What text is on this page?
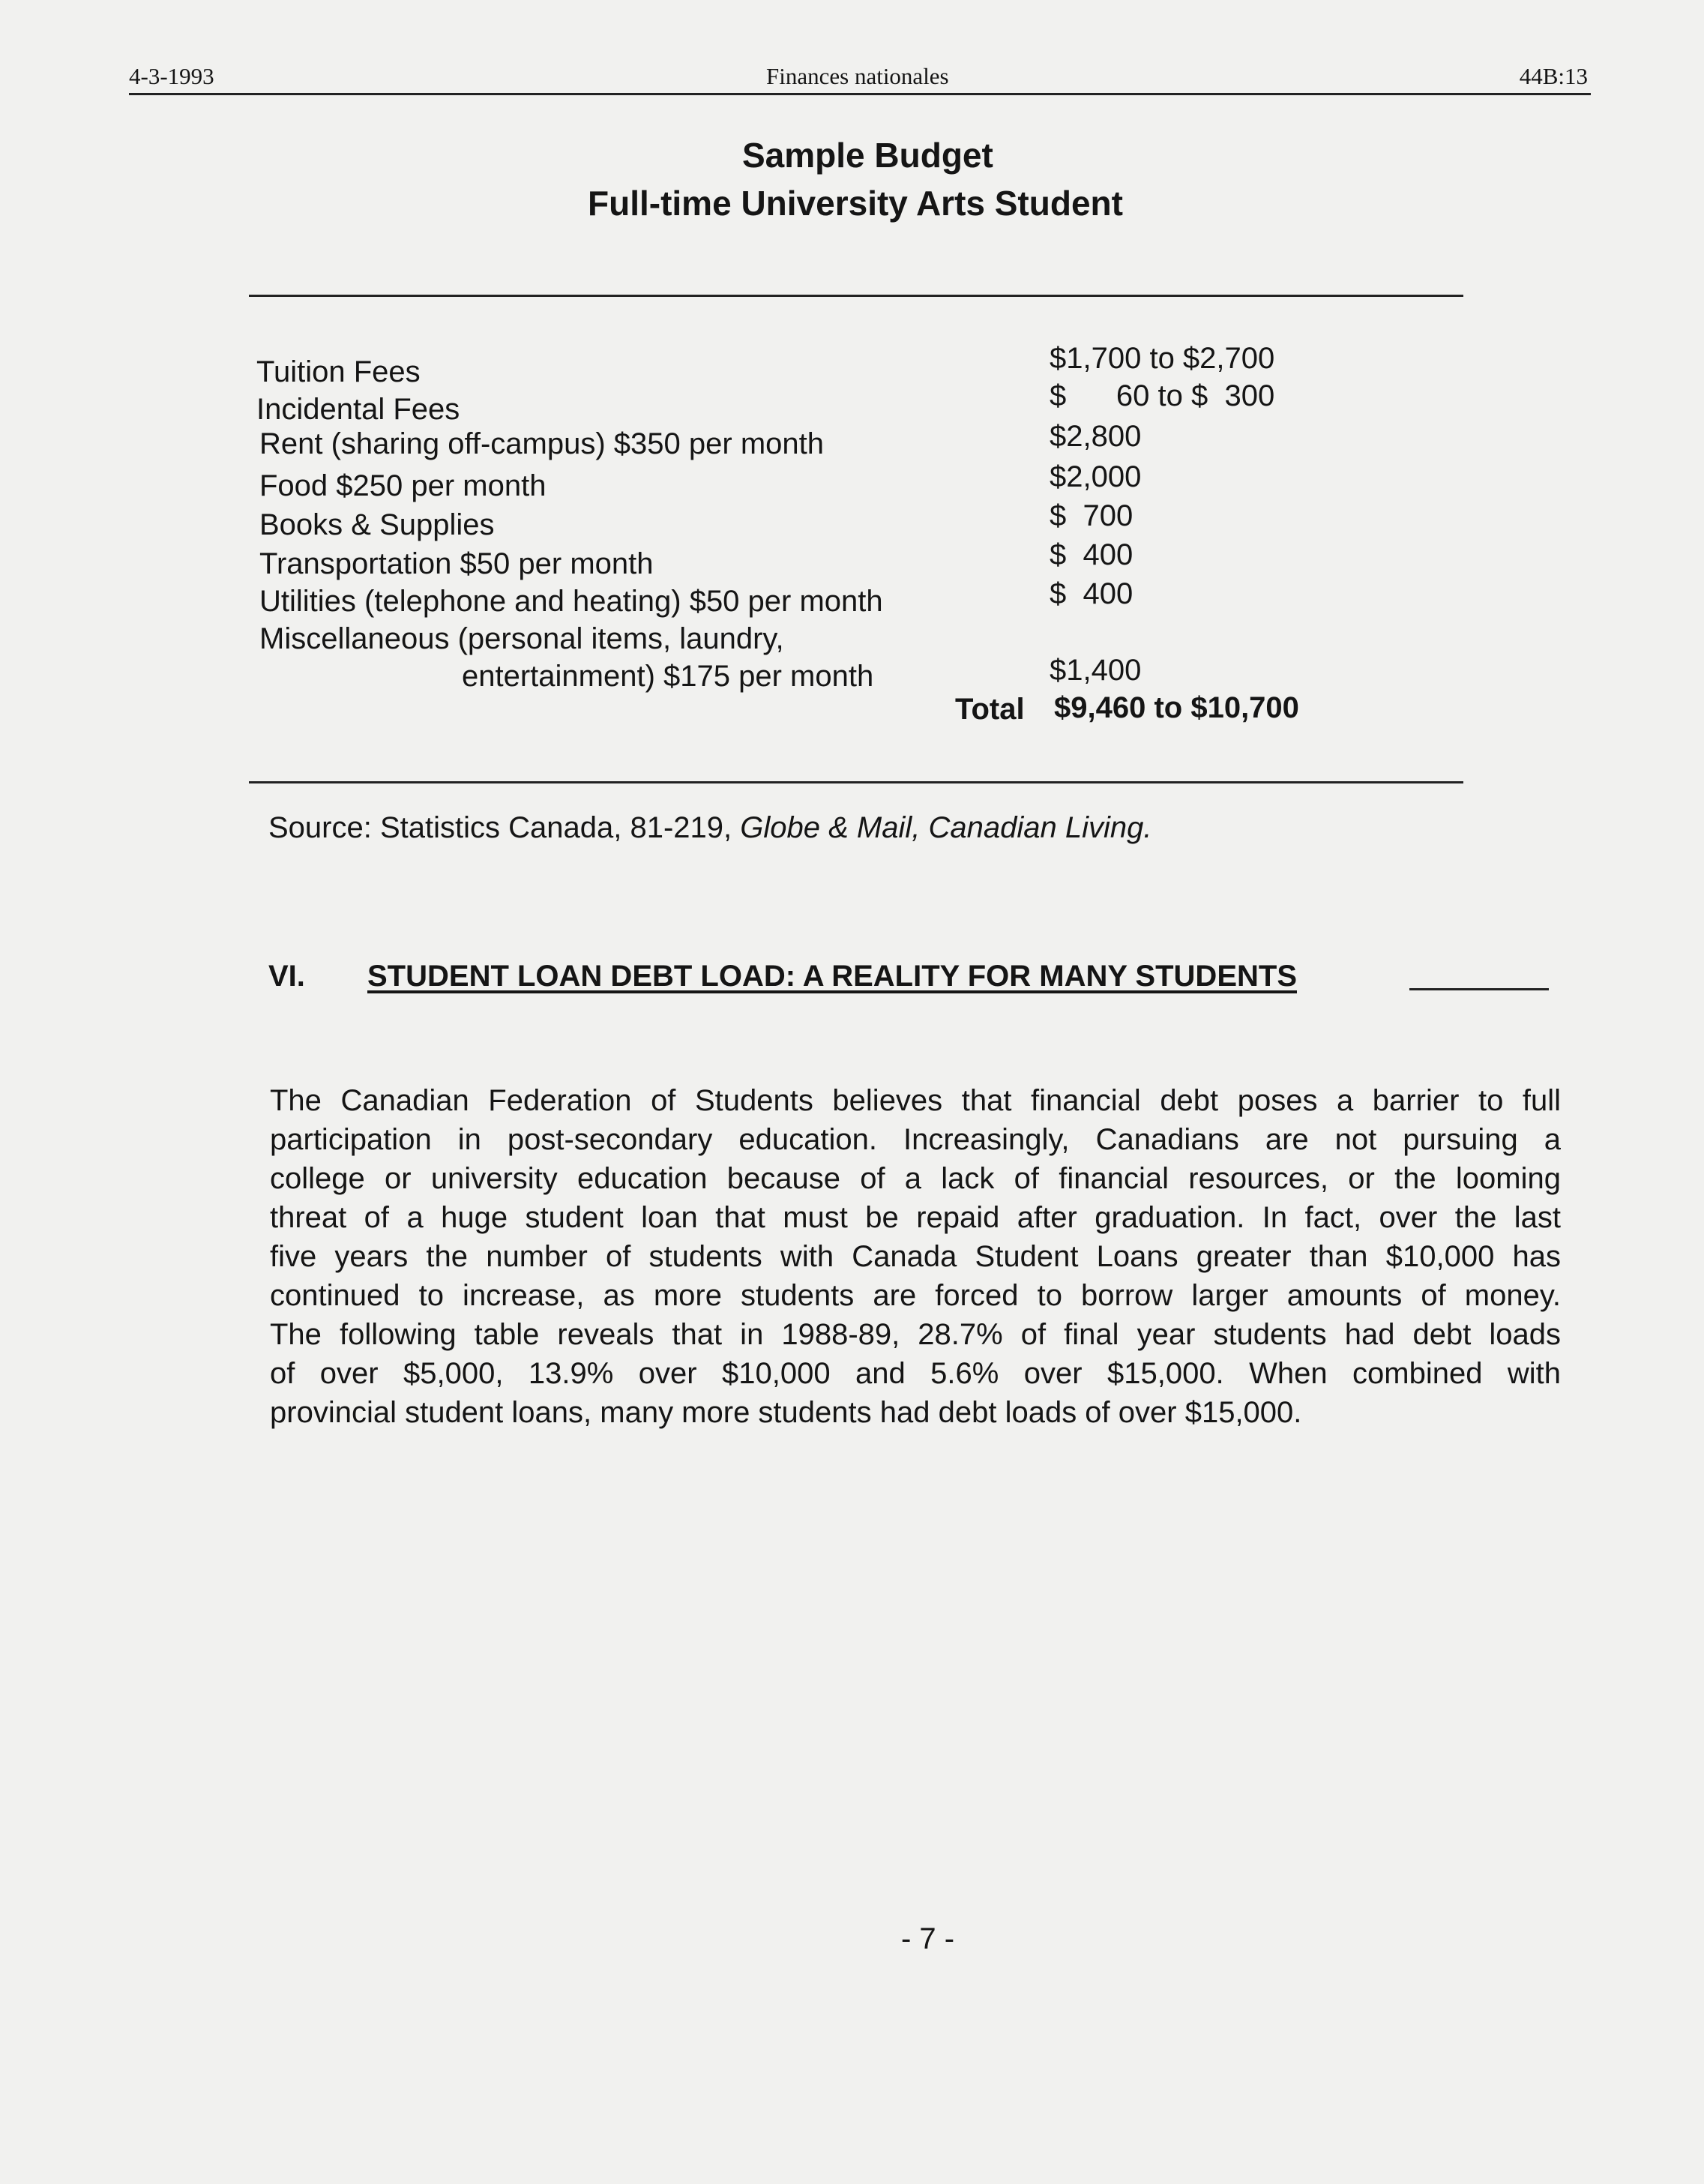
4-3-1993	Finances nationales	44B:13
Sample Budget
Full-time University Arts Student
Tuition Fees	$1,700 to $2,700
Incidental Fees	$      60 to $  300
Rent (sharing off-campus) $350 per month	$2,800
Food $250 per month	$2,000
Books & Supplies	$  700
Transportation $50 per month	$  400
Utilities (telephone and heating) $50 per month	$  400
Miscellaneous (personal items, laundry,
entertainment) $175 per month	$1,400
Total $9,460 to $10,700
Source: Statistics Canada, 81-219, Globe & Mail, Canadian Living.
VI. STUDENT LOAN DEBT LOAD: A REALITY FOR MANY STUDENTS
The Canadian Federation of Students believes that financial debt poses a barrier to full
participation in post-secondary education. Increasingly, Canadians are not pursuing a
college or university education because of a lack of financial resources, or the looming
threat of a huge student loan that must be repaid after graduation. In fact, over the last
five years the number of students with Canada Student Loans greater than $10,000 has
continued to increase, as more students are forced to borrow larger amounts of money.
The following table reveals that in 1988-89, 28.7% of final year students had debt loads
of over $5,000, 13.9% over $10,000 and 5.6% over $15,000. When combined with
provincial student loans, many more students had debt loads of over $15,000.
- 7 -
